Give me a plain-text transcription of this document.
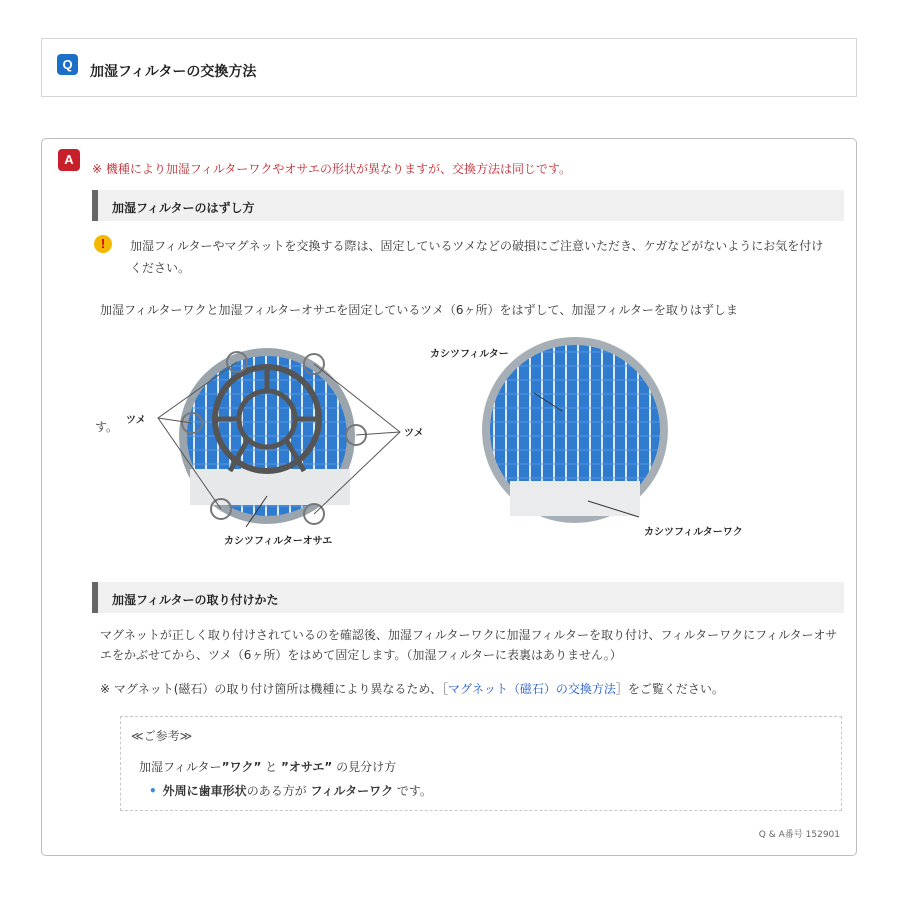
Q	加湿フィルターの交換方法
A
※ 機種により加湿フィルターワクやオサエの形状が異なりますが、交換方法は同じです。
加湿フィルターのはずし方
!	加湿フィルターやマグネットを交換する際は、固定しているツメなどの破損にご注意いただき、ケガなどがないようにお気を付けください。
加湿フィルターワクと加湿フィルターオサエを固定しているツメ（6ヶ所）をはずして、加湿フィルターを取りはずしま
ツメ
ツメ
カシツフィルターオサエ
カシツフィルター
カシツフィルターワク
す。
加湿フィルターの取り付けかた
マグネットが正しく取り付けされているのを確認後、加湿フィルターワクに加湿フィルターを取り付け、フィルターワクにフィルターオサエをかぶせてから、ツメ（6ヶ所）をはめて固定します。（加湿フィルターに表裏はありません。）
※ マグネット(磁石）の取り付け箇所は機種により異なるため、［マグネット（磁石）の交換方法］をご覧ください。
≪ご参考≫
加湿フィルター”ワク” と ”オサエ” の見分け方
• 外周に歯車形状のある方が フィルターワク です。
Q & A番号 152901
